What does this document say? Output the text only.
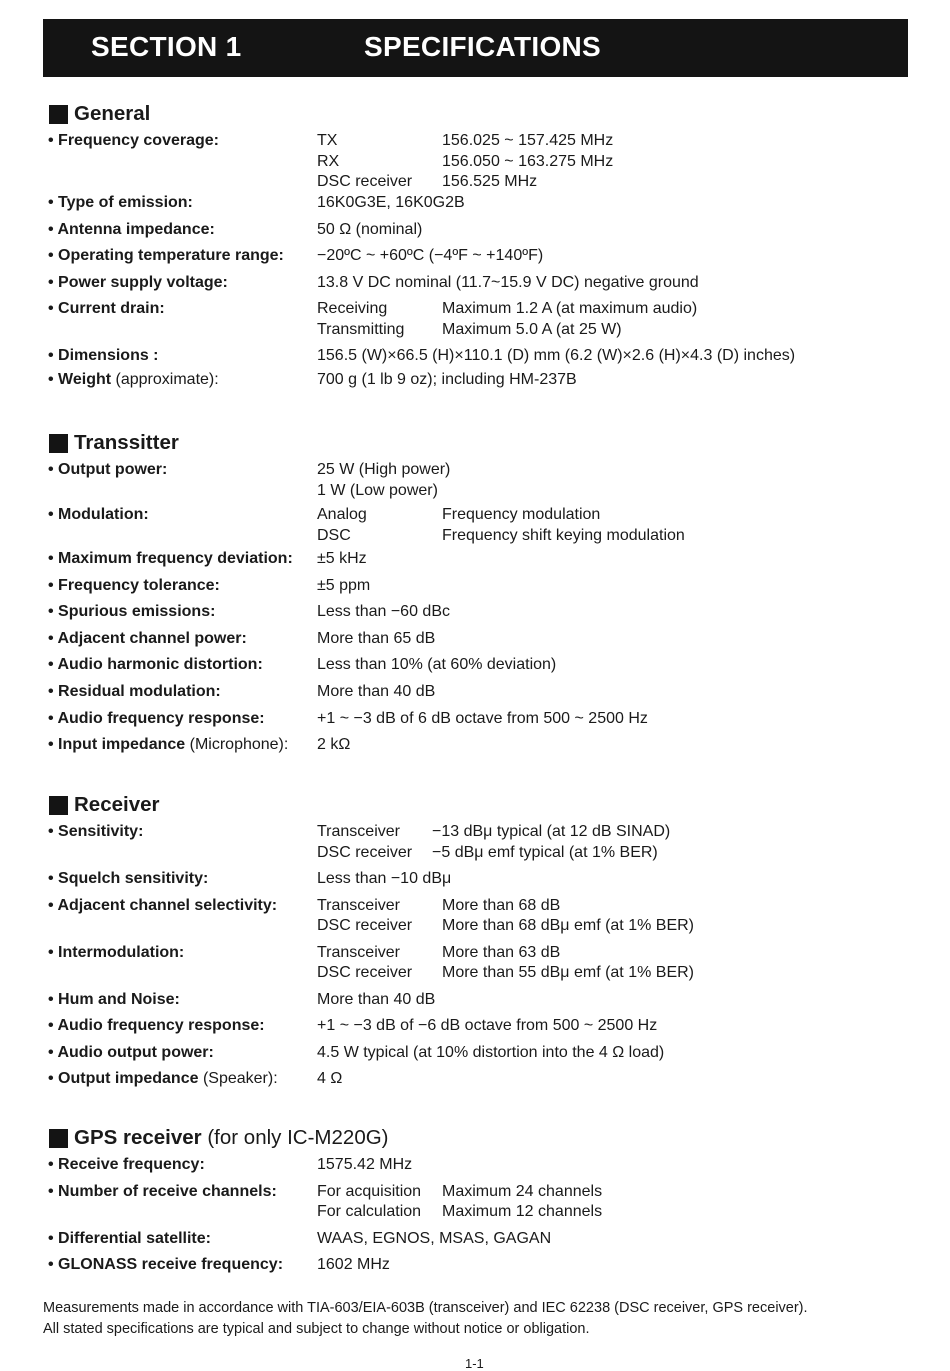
SECTION 1	SPECIFICATIONS
General
• Frequency coverage:	TX	156.025 ~ 157.425 MHz
RX	156.050 ~ 163.275 MHz
DSC receiver 156.525 MHz
• Type of emission:	16K0G3E, 16K0G2B
• Antenna impedance:	50 Ω (nominal)
• Operating temperature range: −20ºC ~ +60ºC (−4ºF ~ +140ºF)
• Power supply voltage:	13.8 V DC nominal (11.7~15.9 V DC) negative ground
• Current drain:	Receiving	Maximum 1.2 A (at maximum audio)
Transmitting Maximum 5.0 A (at 25 W)
• Dimensions :	156.5 (W)×66.5 (H)×110.1 (D) mm (6.2 (W)×2.6 (H)×4.3 (D) inches)
• Weight (approximate):	700 g (1 lb 9 oz); including HM-237B
Transsitter
• Output power:	25 W (High power)
1 W (Low power)
• Modulation:	Analog	Frequency modulation
DSC	Frequency shift keying modulation
• Maximum frequency deviation: ±5 kHz
• Frequency tolerance:	±5 ppm
• Spurious emissions:	Less than −60 dBc
• Adjacent channel power:	More than 65 dB
• Audio harmonic distortion:	Less than 10% (at 60% deviation)
• Residual modulation:	More than 40 dB
• Audio frequency response:	+1 ~ −3 dB of 6 dB octave from 500 ~ 2500 Hz
• Input impedance (Microphone): 2 kΩ
Receiver
• Sensitivity:	Transceiver −13 dBμ typical (at 12 dB SINAD)
DSC receiver −5 dBμ emf typical (at 1% BER)
• Squelch sensitivity:	Less than −10 dBμ
• Adjacent channel selectivity: Transceiver	More than 68 dB
DSC receiver More than 68 dBμ emf (at 1% BER)
• Intermodulation:	Transceiver	More than 63 dB
DSC receiver More than 55 dBμ emf (at 1% BER)
• Hum and Noise:	More than 40 dB
• Audio frequency response:	+1 ~ −3 dB of −6 dB octave from 500 ~ 2500 Hz
• Audio output power:	4.5 W typical (at 10% distortion into the 4 Ω load)
• Output impedance (Speaker): 4 Ω
GPS receiver (for only IC-M220G)
• Receive frequency:	1575.42 MHz
• Number of receive channels:	For acquisition Maximum 24 channels
For calculation Maximum 12 channels
• Differential satellite:	WAAS, EGNOS, MSAS, GAGAN
• GLONASS receive frequency: 1602 MHz
Measurements made in accordance with TIA-603/EIA-603B (transceiver) and IEC 62238 (DSC receiver, GPS receiver).
All stated specifications are typical and subject to change without notice or obligation.
1-1
